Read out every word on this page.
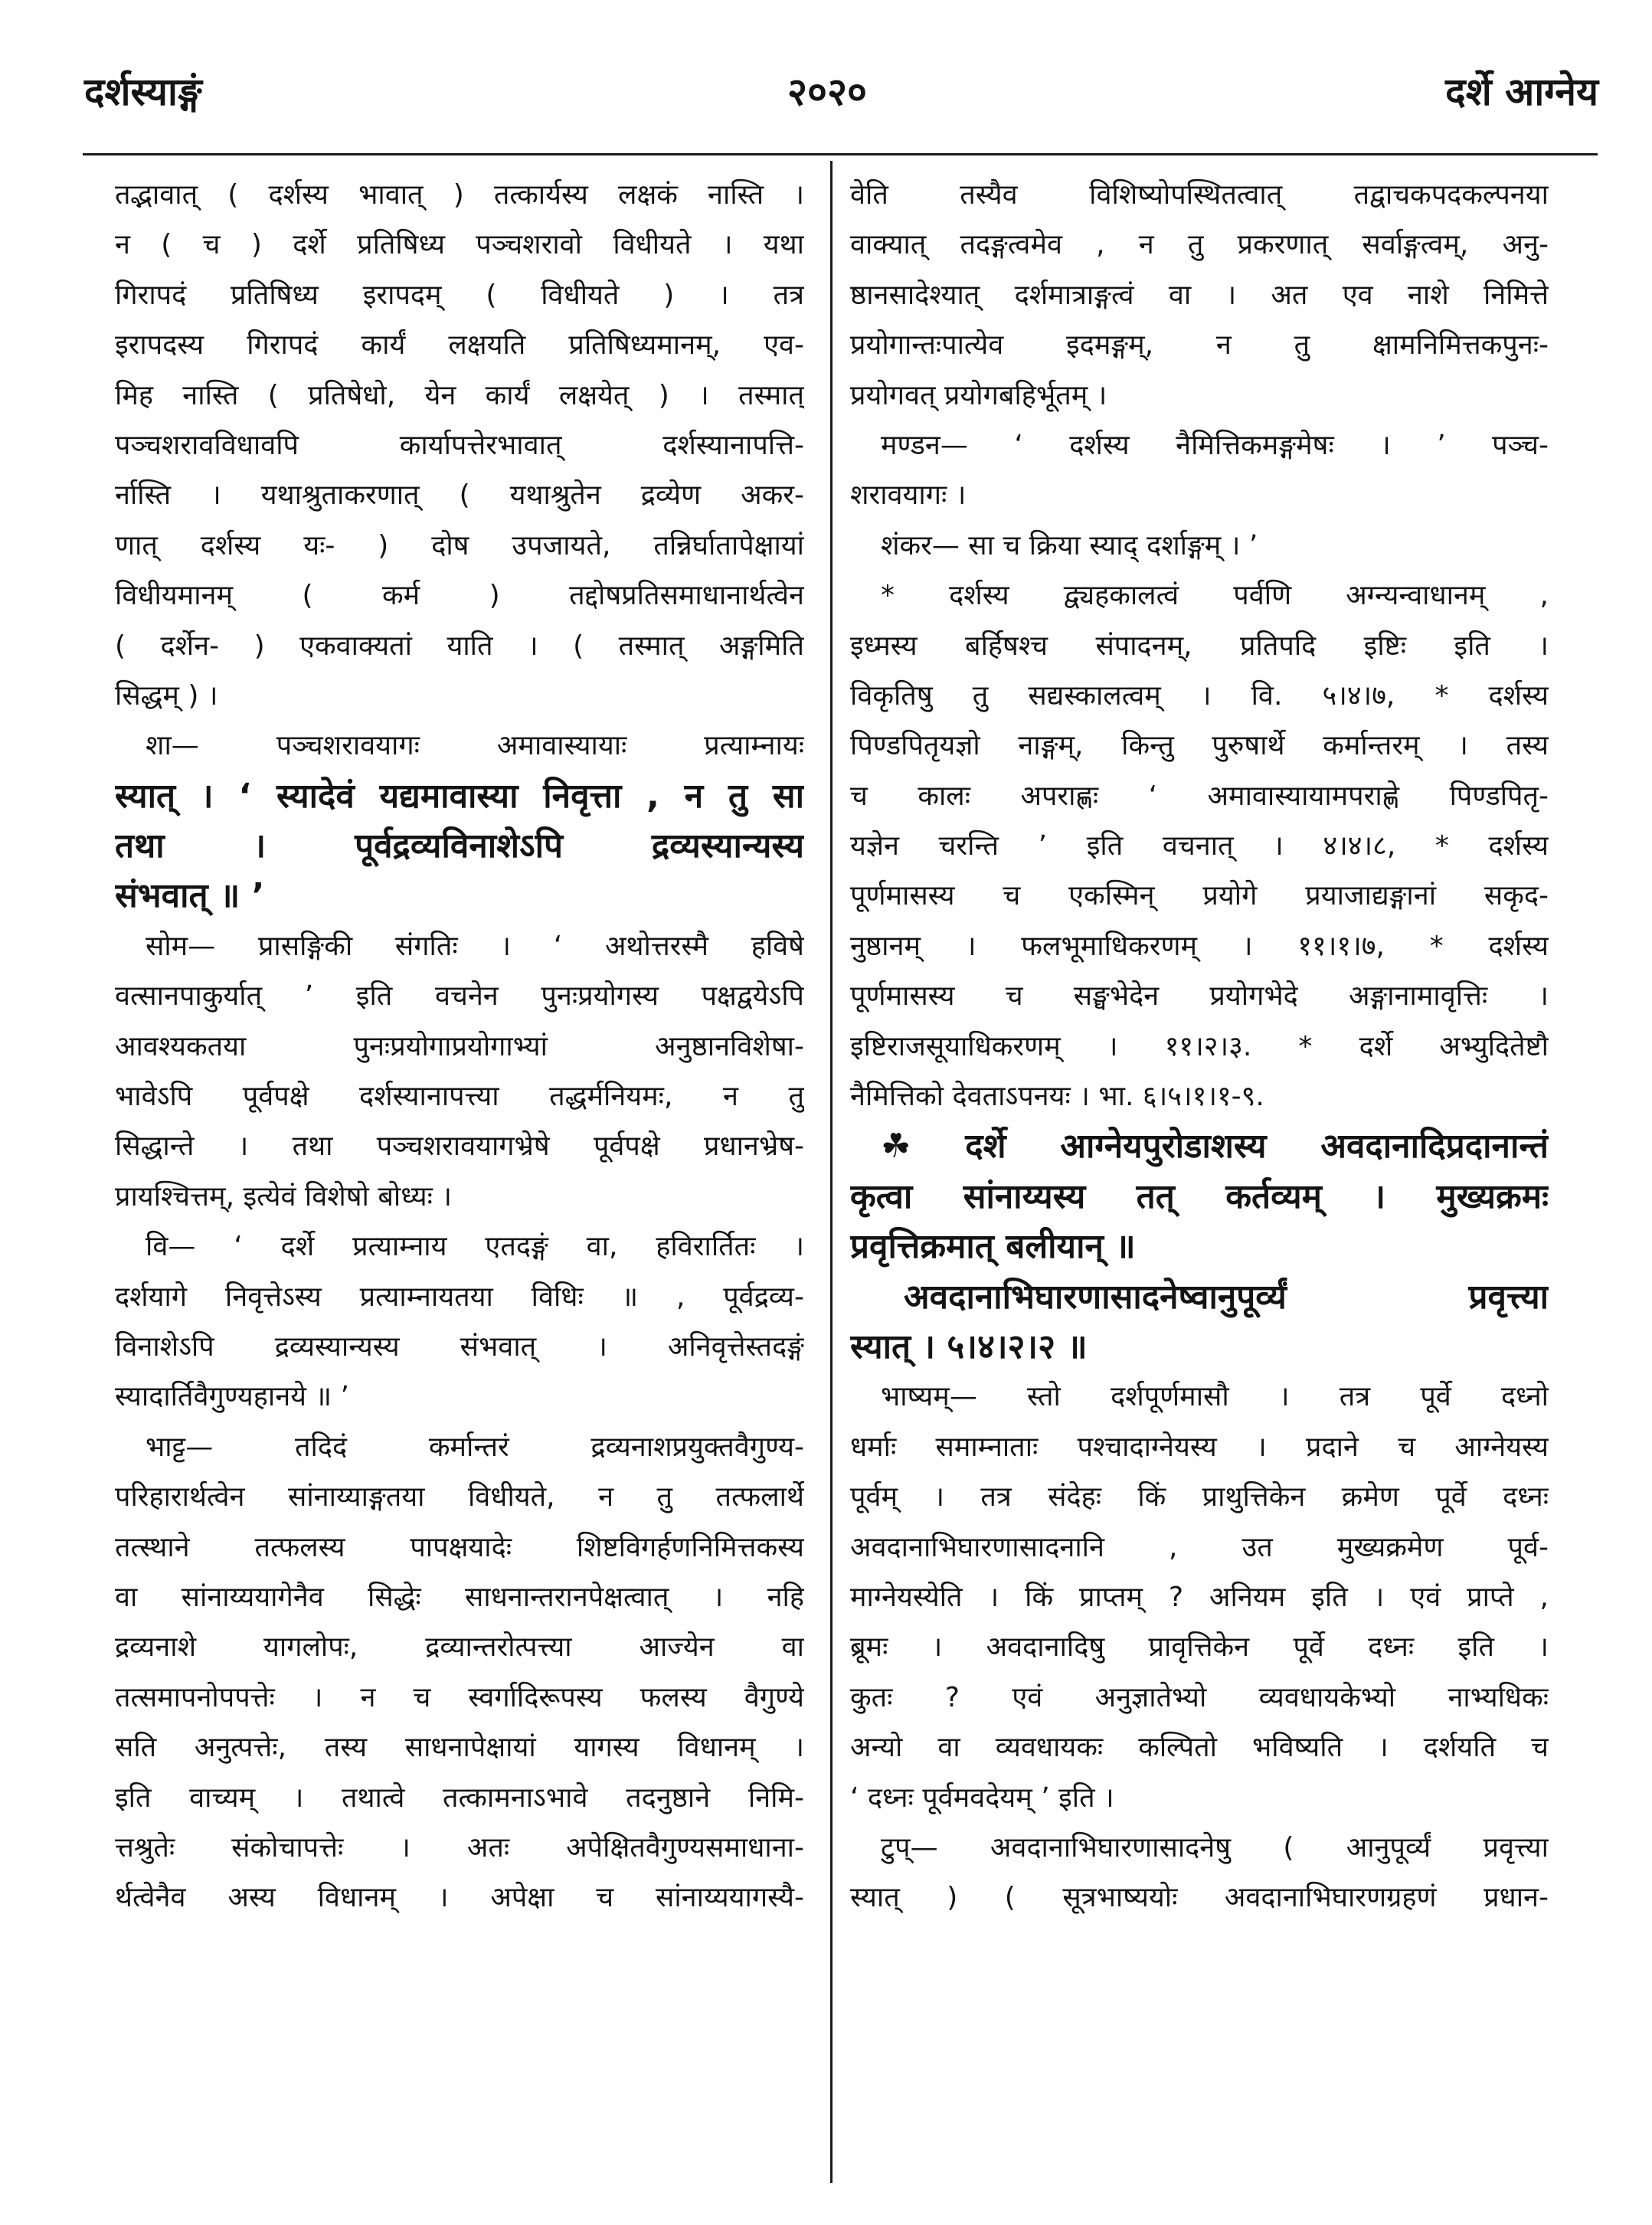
दर्शस्याङ्गं	२०२०	दर्शे आग्नेय
तद्भावात् ( दर्शस्य भावात् ) तत्कार्यस्य लक्षकं नास्ति ।
न ( च ) दर्शे प्रतिषिध्य पञ्चशरावो विधीयते । यथा
गिरापदं प्रतिषिध्य इरापदम् ( विधीयते ) । तत्र
इरापदस्य गिरापदं कार्यं लक्षयति प्रतिषिध्यमानम्, एव-
मिह नास्ति ( प्रतिषेधो, येन कार्यं लक्षयेत् ) । तस्मात्
पञ्चशरावविधावपि कार्यापत्तेरभावात् दर्शस्यानापत्ति-
र्नास्ति । यथाश्रुताकरणात् ( यथाश्रुतेन द्रव्येण अकर-
णात् दर्शस्य यः- ) दोष उपजायते, तन्निर्घातापेक्षायां
विधीयमानम् ( कर्म ) तद्दोषप्रतिसमाधानार्थत्वेन
( दर्शेन- ) एकवाक्यतां याति । ( तस्मात् अङ्गमिति
सिद्धम् ) ।
शा— पञ्चशरावयागः अमावास्यायाः प्रत्याम्नायः
स्यात् । ‘ स्यादेवं यद्यमावास्या निवृत्ता , न तु सा
तथा । पूर्वद्रव्यविनाशेऽपि द्रव्यस्यान्यस्य
संभवात् ॥ ’
सोम— प्रासङ्गिकी संगतिः । ‘ अथोत्तरस्मै हविषे
वत्सानपाकुर्यात् ’ इति वचनेन पुनःप्रयोगस्य पक्षद्वयेऽपि
आवश्यकतया पुनःप्रयोगाप्रयोगाभ्यां अनुष्ठानविशेषा-
भावेऽपि पूर्वपक्षे दर्शस्यानापत्त्या तद्धर्मनियमः, न तु
सिद्धान्ते । तथा पञ्चशरावयागभ्रेषे पूर्वपक्षे प्रधानभ्रेष-
प्रायश्चित्तम्, इत्येवं विशेषो बोध्यः ।
वि— ‘ दर्शे प्रत्याम्नाय एतदङ्गं वा, हविरार्तितः ।
दर्शयागे निवृत्तेऽस्य प्रत्याम्नायतया विधिः ॥ , पूर्वद्रव्य-
विनाशेऽपि द्रव्यस्यान्यस्य संभवात् । अनिवृत्तेस्तदङ्गं
स्यादार्तिवैगुण्यहानये ॥ ’
भाट्ट— तदिदं कर्मान्तरं द्रव्यनाशप्रयुक्तवैगुण्य-
परिहारार्थत्वेन सांनाय्याङ्गतया विधीयते, न तु तत्फलार्थे
तत्स्थाने तत्फलस्य पापक्षयादेः शिष्टविगर्हणनिमित्तकस्य
वा सांनाय्ययागेनैव सिद्धेः साधनान्तरानपेक्षत्वात् । नहि
द्रव्यनाशे यागलोपः, द्रव्यान्तरोत्पत्त्या आज्येन वा
तत्समापनोपपत्तेः । न च स्वर्गादिरूपस्य फलस्य वैगुण्ये
सति अनुत्पत्तेः, तस्य साधनापेक्षायां यागस्य विधानम् ।
इति वाच्यम् । तथात्वे तत्कामनाऽभावे तदनुष्ठाने निमि-
त्तश्रुतेः संकोचापत्तेः । अतः अपेक्षितवैगुण्यसमाधाना-
र्थत्वेनैव अस्य विधानम् । अपेक्षा च सांनाय्ययागस्यै-
वेति तस्यैव विशिष्योपस्थितत्वात् तद्वाचकपदकल्पनया
वाक्यात् तदङ्गत्वमेव , न तु प्रकरणात् सर्वाङ्गत्वम्, अनु-
ष्ठानसादेश्यात् दर्शमात्राङ्गत्वं वा । अत एव नाशे निमित्ते
प्रयोगान्तःपात्येव इदमङ्गम्, न तु क्षामनिमित्तकपुनः-
प्रयोगवत् प्रयोगबहिर्भूतम् ।
मण्डन— ‘ दर्शस्य नैमित्तिकमङ्गमेषः । ’ पञ्च-
शरावयागः ।
शंकर— सा च क्रिया स्याद् दर्शाङ्गम् । ’
* दर्शस्य द्व्यहकालत्वं पर्वणि अग्न्यन्वाधानम् ,
इध्मस्य बर्हिषश्च संपादनम्, प्रतिपदि इष्टिः इति ।
विकृतिषु तु सद्यस्कालत्वम् । वि. ५।४।७, * दर्शस्य
पिण्डपितृयज्ञो नाङ्गम्, किन्तु पुरुषार्थे कर्मान्तरम् । तस्य
च कालः अपराह्णः ‘ अमावास्यायामपराह्णे पिण्डपितृ-
यज्ञेन चरन्ति ’ इति वचनात् । ४।४।८, * दर्शस्य
पूर्णमासस्य च एकस्मिन् प्रयोगे प्रयाजाद्यङ्गानां सकृद-
नुष्ठानम् । फलभूमाधिकरणम् । ११।१।७, * दर्शस्य
पूर्णमासस्य च सङ्घभेदेन प्रयोगभेदे अङ्गानामावृत्तिः ।
इष्टिराजसूयाधिकरणम् । ११।२।३. * दर्शे अभ्युदितेष्टौ
नैमित्तिको देवताऽपनयः । भा. ६।५।१।१-९.
☘ दर्शे आग्नेयपुरोडाशस्य अवदानादिप्रदानान्तं
कृत्वा सांनाय्यस्य तत् कर्तव्यम् । मुख्यक्रमः
प्रवृत्तिक्रमात् बलीयान् ॥
अवदानाभिघारणासादनेष्वानुपूर्व्यं प्रवृत्त्या
स्यात् । ५।४।२।२ ॥
भाष्यम्— स्तो दर्शपूर्णमासौ । तत्र पूर्वे दध्नो
धर्माः समाम्नाताः पश्चादाग्नेयस्य । प्रदाने च आग्नेयस्य
पूर्वम् । तत्र संदेहः किं प्राथुत्तिकेन क्रमेण पूर्वे दध्नः
अवदानाभिघारणासादनानि , उत मुख्यक्रमेण पूर्व-
माग्नेयस्येति । किं प्राप्तम् ? अनियम इति । एवं प्राप्ते ,
ब्रूमः । अवदानादिषु प्रावृत्तिकेन पूर्वे दध्नः इति ।
कुतः ? एवं अनुज्ञातेभ्यो व्यवधायकेभ्यो नाभ्यधिकः
अन्यो वा व्यवधायकः कल्पितो भविष्यति । दर्शयति च
‘ दध्नः पूर्वमवदेयम् ’ इति ।
टुप्— अवदानाभिघारणासादनेषु ( आनुपूर्व्यं प्रवृत्त्या
स्यात् ) ( सूत्रभाष्ययोः अवदानाभिघारणग्रहणं प्रधान-
